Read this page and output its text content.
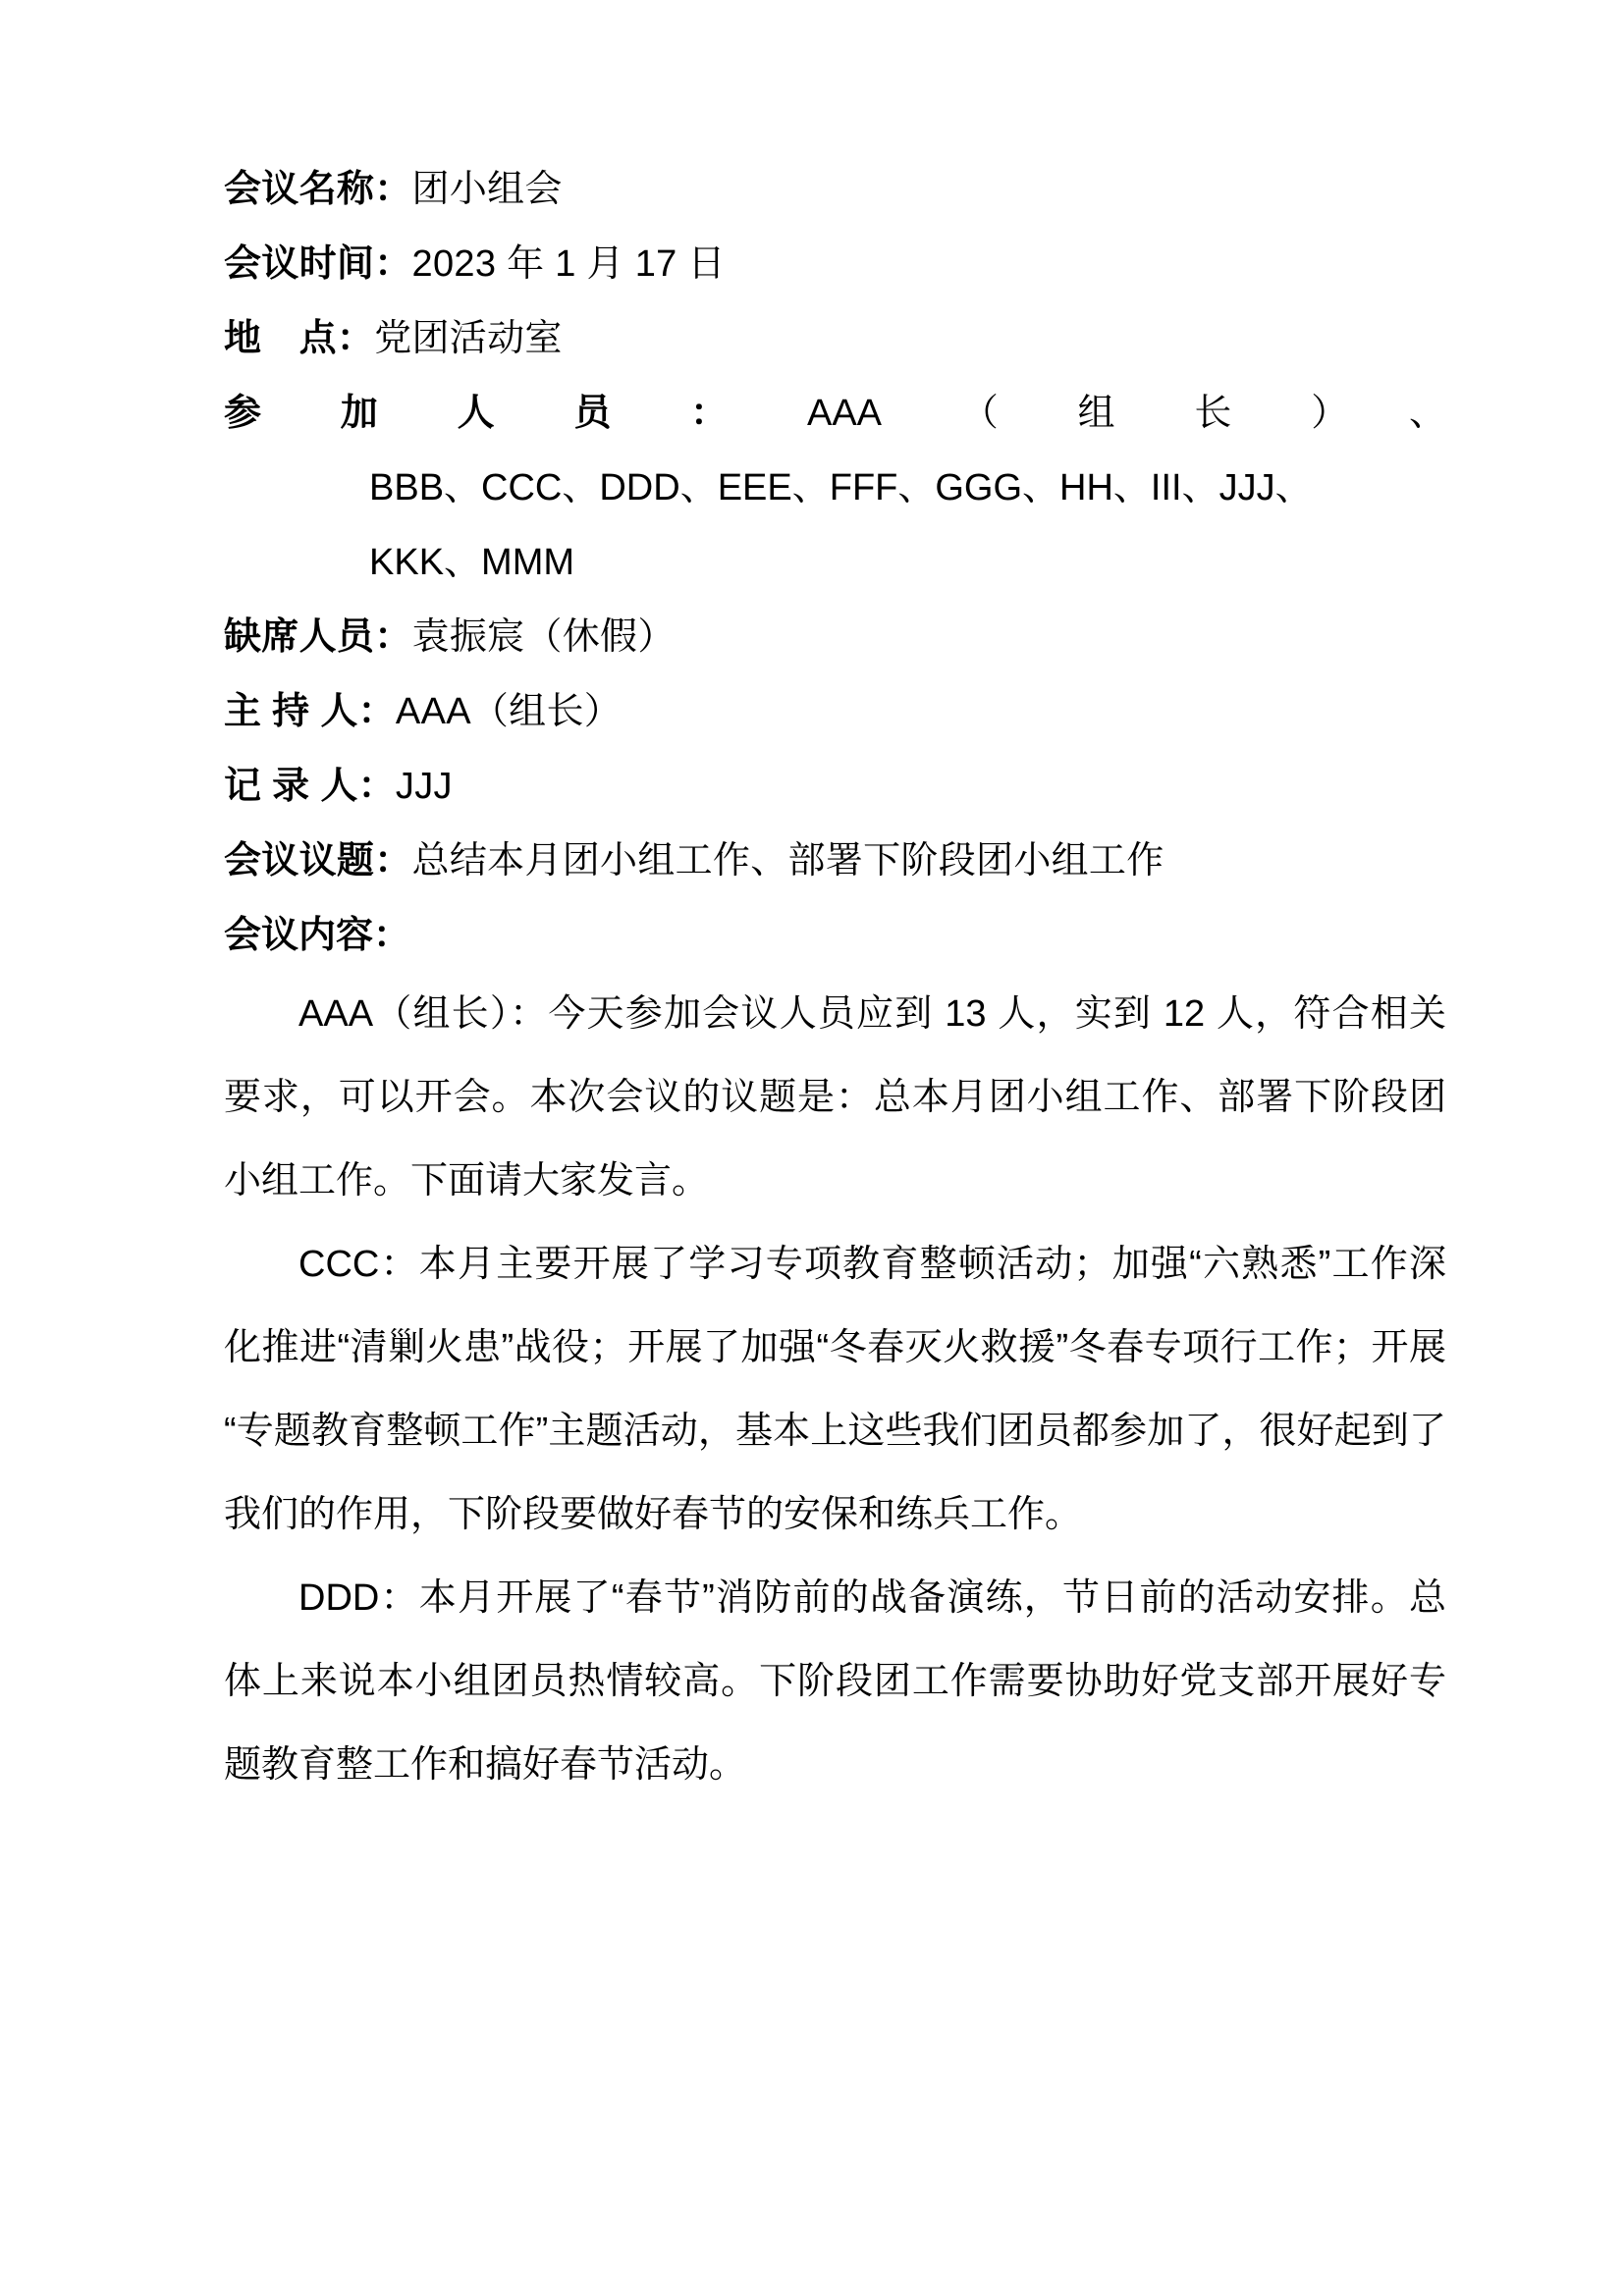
会议名称：团小组会
会议时间：2023 年 1 月 17 日
地　点：党团活动室
参加人员：AAA（组长）、
BBB、CCC、DDD、EEE、FFF、GGG、HH、III、JJJ、
KKK、MMM
缺席人员：袁振宸（休假）
主 持 人：AAA（组长）
记 录 人：JJJ
会议议题：总结本月团小组工作、部署下阶段团小组工作
会议内容：

AAA（组长）：今天参加会议人员应到 13 人，实到 12 人，符合相关要求，可以开会。本次会议的议题是：总本月团小组工作、部署下阶段团小组工作。下面请大家发言。

CCC：本月主要开展了学习专项教育整顿活动；加强“六熟悉”工作深化推进“清剿火患”战役；开展了加强“冬春灭火救援”冬春专项行工作；开展“专题教育整顿工作”主题活动，基本上这些我们团员都参加了，很好起到了我们的作用，下阶段要做好春节的安保和练兵工作。

DDD：本月开展了“春节”消防前的战备演练，节日前的活动安排。总体上来说本小组团员热情较高。下阶段团工作需要协助好党支部开展好专题教育整工作和搞好春节活动。
